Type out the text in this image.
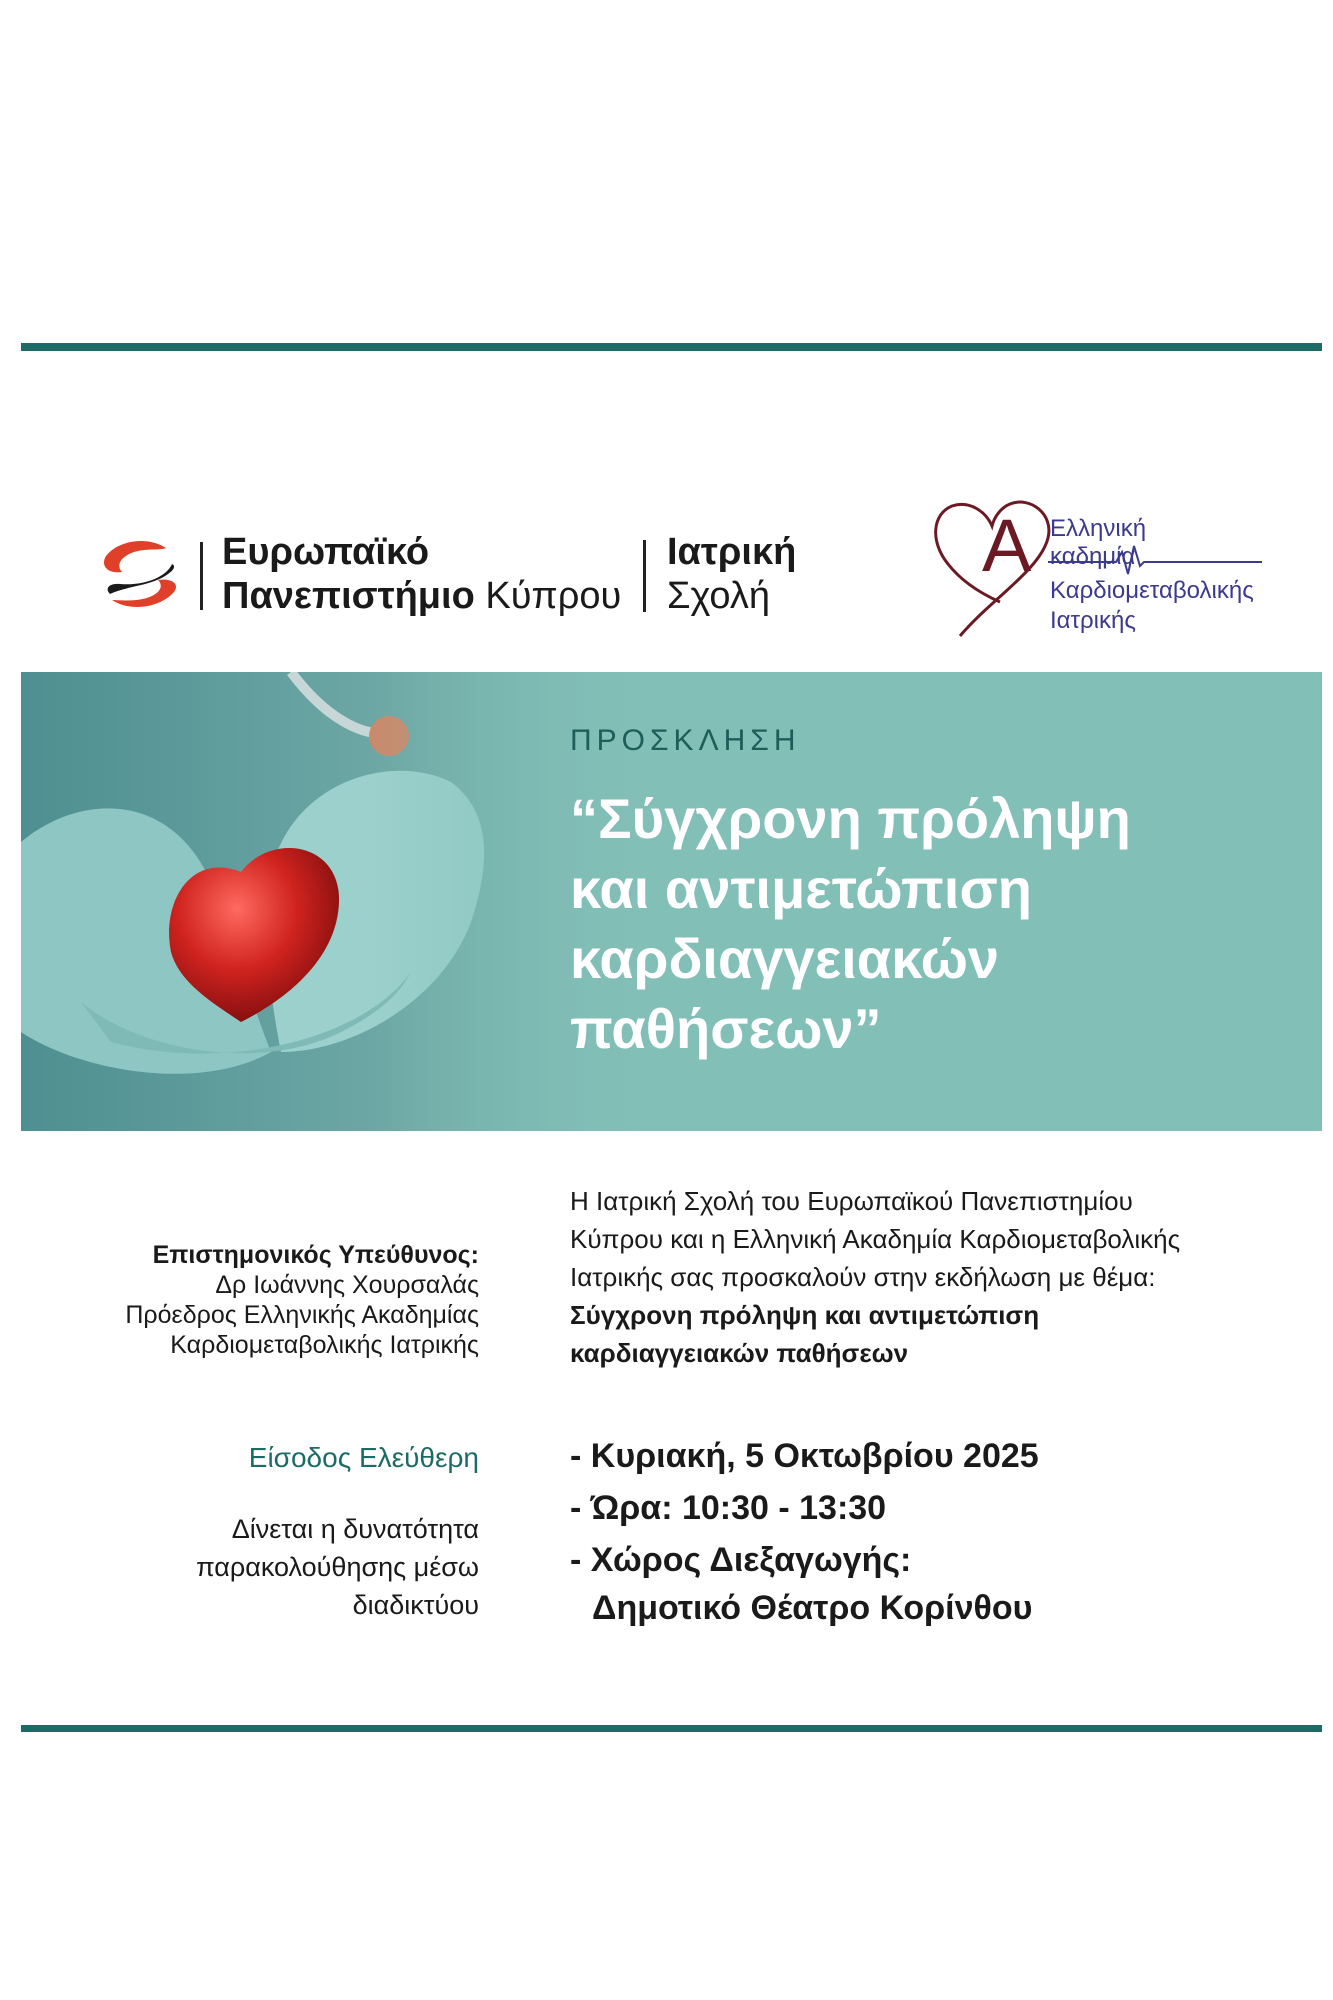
Ευρωπαϊκό
Πανεπιστήμιο Κύπρου
Ιατρική
Σχολή
A Ελληνική
καδημία
Καρδιομεταβολικής
Ιατρικής
ΠΡΟΣΚΛΗΣΗ
“Σύγχρονη πρόληψη
και αντιμετώπιση
καρδιαγγειακών
παθήσεων”
Επιστημονικός Υπεύθυνος:
Δρ Ιωάννης Χουρσαλάς
Πρόεδρος Ελληνικής Ακαδημίας
Καρδιομεταβολικής Ιατρικής
Είσοδος Ελεύθερη
Δίνεται η δυνατότητα
παρακολούθησης μέσω
διαδικτύου
Η Ιατρική Σχολή του Ευρωπαϊκού Πανεπιστημίου
Κύπρου και η Ελληνική Ακαδημία Καρδιομεταβολικής
Ιατρικής σας προσκαλούν στην εκδήλωση με θέμα:
Σύγχρονη πρόληψη και αντιμετώπιση
καρδιαγγειακών παθήσεων
- Κυριακή, 5 Οκτωβρίου 2025
- Ώρα: 10:30 - 13:30
- Χώρος Διεξαγωγής:
Δημοτικό Θέατρο Κορίνθου
